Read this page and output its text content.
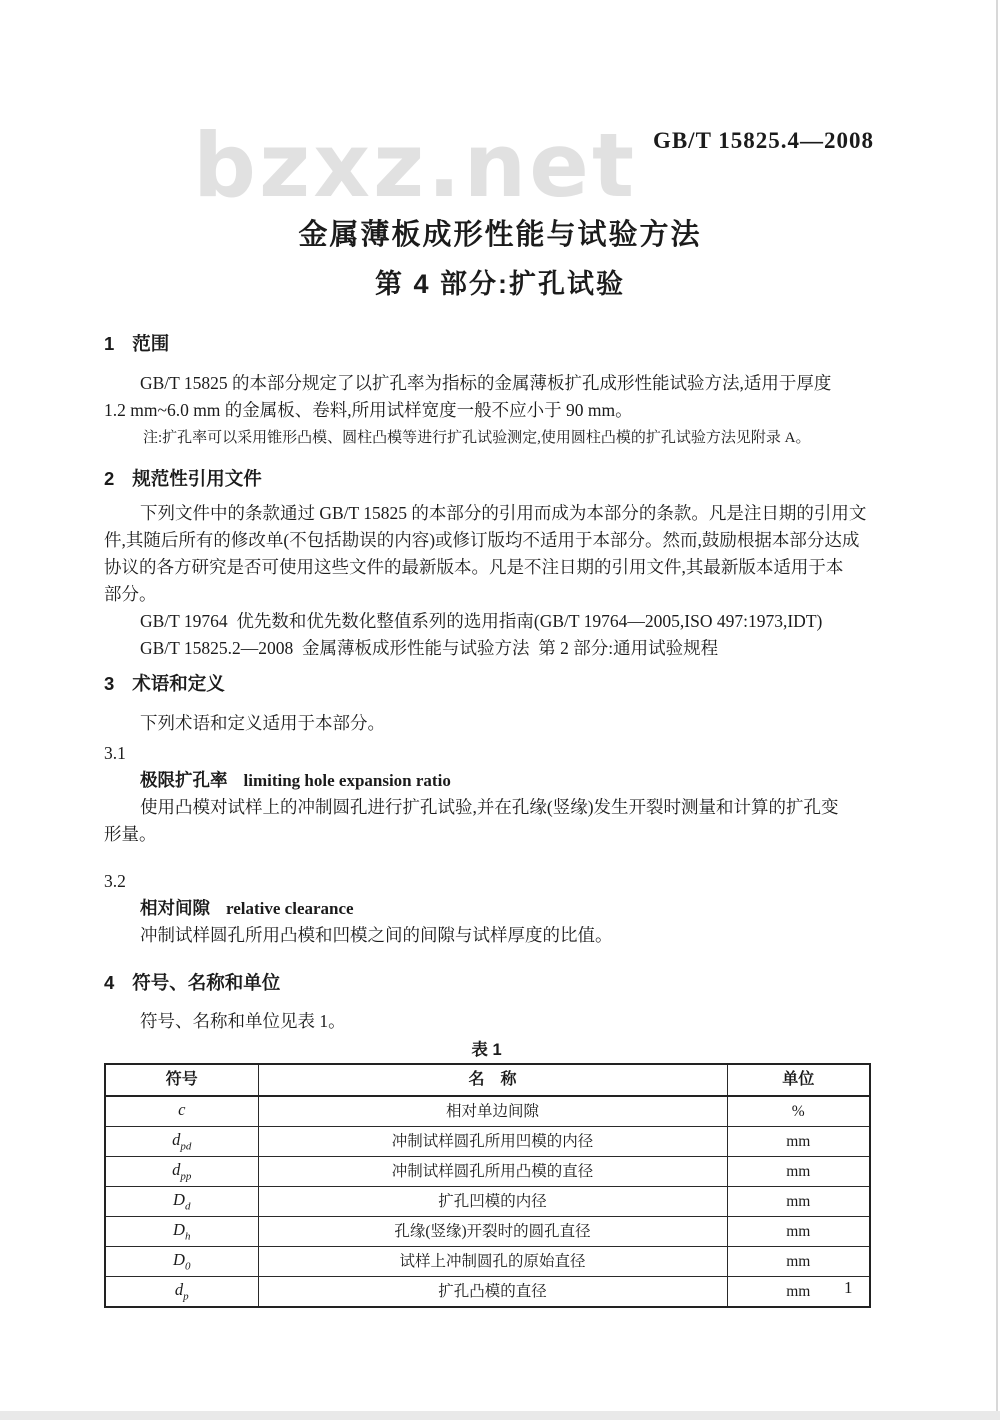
bzxz.net GB/T 15825.4—2008
金属薄板成形性能与试验方法
第 4 部分:扩孔试验
1 范围
GB/T 15825 的本部分规定了以扩孔率为指标的金属薄板扩孔成形性能试验方法,适用于厚度
1.2 mm~6.0 mm 的金属板、卷料,所用试样宽度一般不应小于 90 mm。
注:扩孔率可以采用锥形凸模、圆柱凸模等进行扩孔试验测定,使用圆柱凸模的扩孔试验方法见附录 A。
2 规范性引用文件
下列文件中的条款通过 GB/T 15825 的本部分的引用而成为本部分的条款。凡是注日期的引用文
件,其随后所有的修改单(不包括勘误的内容)或修订版均不适用于本部分。然而,鼓励根据本部分达成
协议的各方研究是否可使用这些文件的最新版本。凡是不注日期的引用文件,其最新版本适用于本
部分。
GB/T 19764  优先数和优先数化整值系列的选用指南(GB/T 19764—2005,ISO 497:1973,IDT)
GB/T 15825.2—2008  金属薄板成形性能与试验方法  第 2 部分:通用试验规程
3 术语和定义
下列术语和定义适用于本部分。
3.1
极限扩孔率 limiting hole expansion ratio
使用凸模对试样上的冲制圆孔进行扩孔试验,并在孔缘(竖缘)发生开裂时测量和计算的扩孔变
形量。
3.2
相对间隙 relative clearance
冲制试样圆孔所用凸模和凹模之间的间隙与试样厚度的比值。
4 符号、名称和单位
符号、名称和单位见表 1。
表 1
符号	名　称	单位
c	相对单边间隙	%
$d_{pd}$	冲制试样圆孔所用凹模的内径	mm
$d_{pp}$	冲制试样圆孔所用凸模的直径	mm
$D_d$	扩孔凹模的内径	mm
$D_h$	孔缘(竖缘)开裂时的圆孔直径	mm
$D_0$	试样上冲制圆孔的原始直径	mm
$d_p$	扩孔凸模的直径	mm 1
